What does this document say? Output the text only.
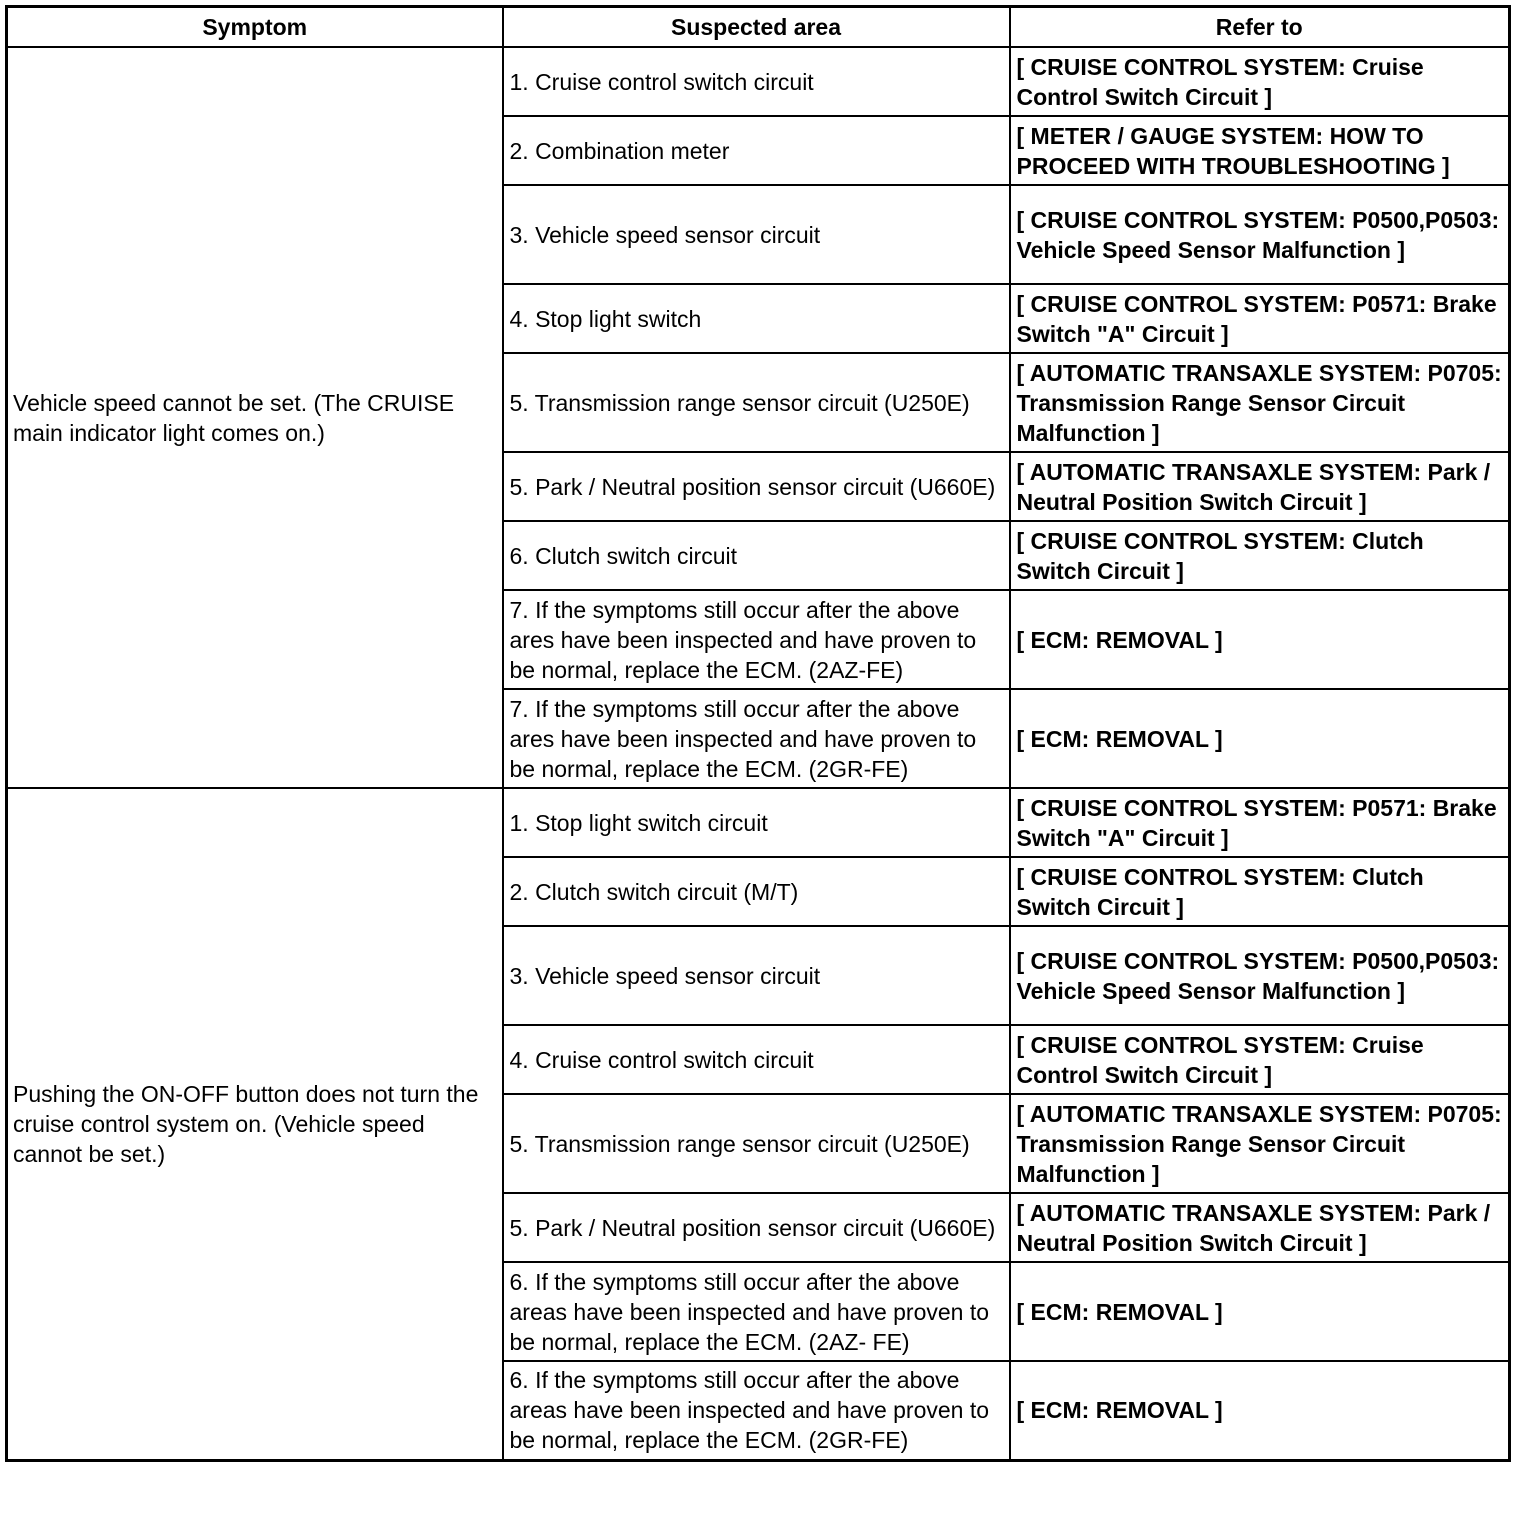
Symptom	Suspected area	Refer to
Vehicle speed cannot be set. (The CRUISE main indicator light comes on.)	1. Cruise control switch circuit	[ CRUISE CONTROL SYSTEM: Cruise Control Switch Circuit ]
	2. Combination meter	[ METER / GAUGE SYSTEM: HOW TO PROCEED WITH TROUBLESHOOTING ]
	3. Vehicle speed sensor circuit	[ CRUISE CONTROL SYSTEM: P0500,P0503: Vehicle Speed Sensor Malfunction ]
	4. Stop light switch	[ CRUISE CONTROL SYSTEM: P0571: Brake Switch "A" Circuit ]
	5. Transmission range sensor circuit (U250E)	[ AUTOMATIC TRANSAXLE SYSTEM: P0705: Transmission Range Sensor Circuit Malfunction ]
	5. Park / Neutral position sensor circuit (U660E)	[ AUTOMATIC TRANSAXLE SYSTEM: Park / Neutral Position Switch Circuit ]
	6. Clutch switch circuit	[ CRUISE CONTROL SYSTEM: Clutch Switch Circuit ]
	7. If the symptoms still occur after the above ares have been inspected and have proven to be normal, replace the ECM. (2AZ-FE)	[ ECM: REMOVAL ]
	7. If the symptoms still occur after the above ares have been inspected and have proven to be normal, replace the ECM. (2GR-FE)	[ ECM: REMOVAL ]
Pushing the ON-OFF button does not turn the cruise control system on. (Vehicle speed cannot be set.)	1. Stop light switch circuit	[ CRUISE CONTROL SYSTEM: P0571: Brake Switch "A" Circuit ]
	2. Clutch switch circuit (M/T)	[ CRUISE CONTROL SYSTEM: Clutch Switch Circuit ]
	3. Vehicle speed sensor circuit	[ CRUISE CONTROL SYSTEM: P0500,P0503: Vehicle Speed Sensor Malfunction ]
	4. Cruise control switch circuit	[ CRUISE CONTROL SYSTEM: Cruise Control Switch Circuit ]
	5. Transmission range sensor circuit (U250E)	[ AUTOMATIC TRANSAXLE SYSTEM: P0705: Transmission Range Sensor Circuit Malfunction ]
	5. Park / Neutral position sensor circuit (U660E)	[ AUTOMATIC TRANSAXLE SYSTEM: Park / Neutral Position Switch Circuit ]
	6. If the symptoms still occur after the above areas have been inspected and have proven to be normal, replace the ECM. (2AZ- FE)	[ ECM: REMOVAL ]
	6. If the symptoms still occur after the above areas have been inspected and have proven to be normal, replace the ECM. (2GR-FE)	[ ECM: REMOVAL ]
